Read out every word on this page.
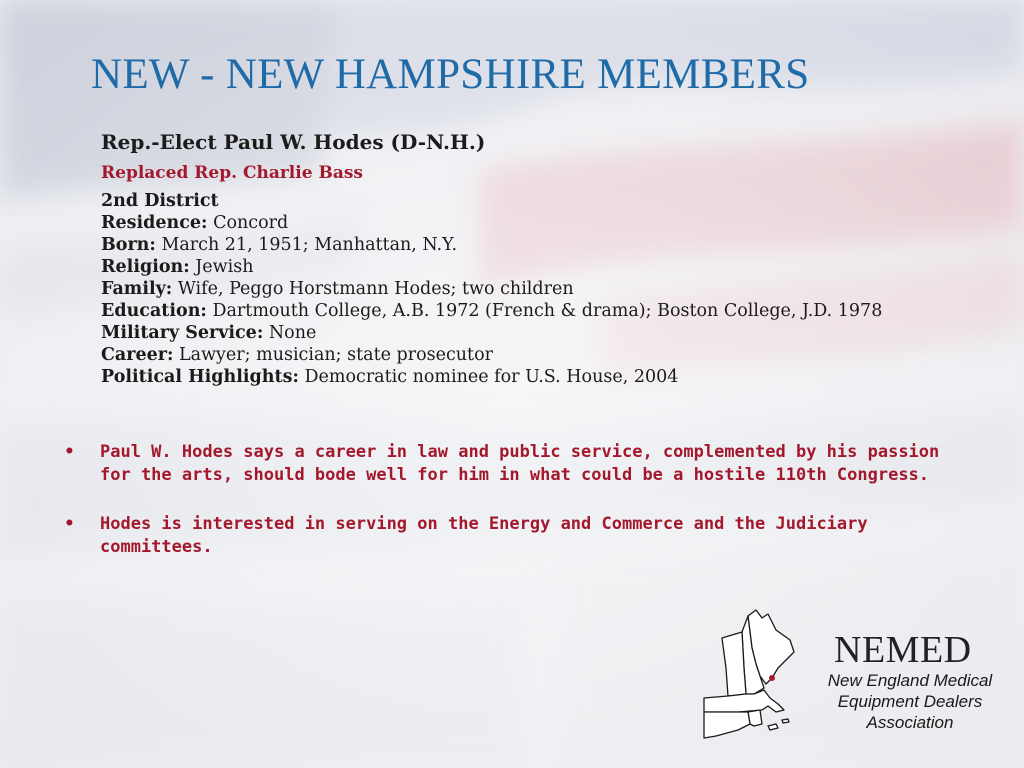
NEW - NEW HAMPSHIRE MEMBERS
Rep.-Elect Paul W. Hodes (D-N.H.)
Replaced Rep. Charlie Bass
2nd District
Residence: Concord
Born: March 21, 1951; Manhattan, N.Y.
Religion: Jewish
Family: Wife, Peggo Horstmann Hodes; two children
Education: Dartmouth College, A.B. 1972 (French & drama); Boston College, J.D. 1978
Military Service: None
Career: Lawyer; musician; state prosecutor
Political Highlights: Democratic nominee for U.S. House, 2004
• Paul W. Hodes says a career in law and public service, complemented by his passion for the arts, should bode well for him in what could be a hostile 110th Congress.
• Hodes is interested in serving on the Energy and Commerce and the Judiciary committees.
NEMED
New England Medical
Equipment Dealers
Association
